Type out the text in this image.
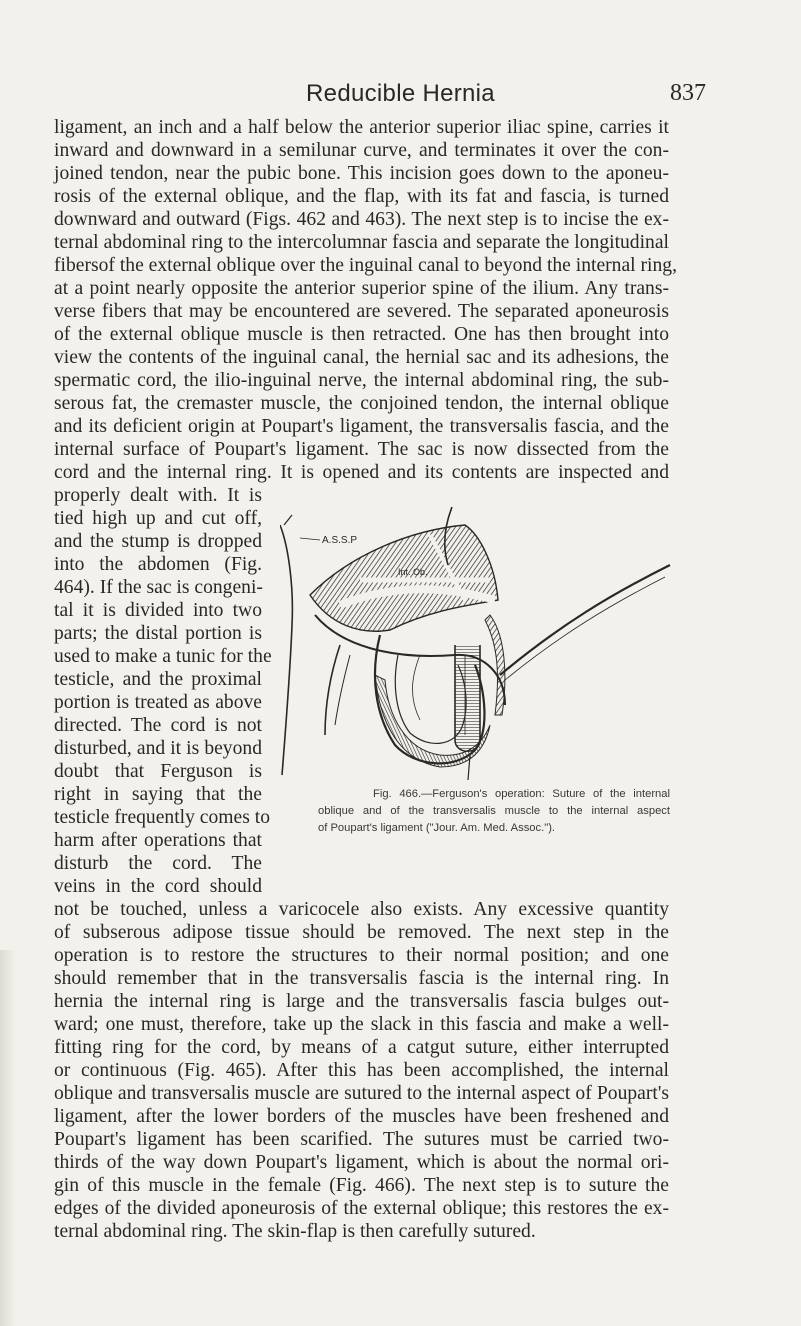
Reducible Hernia	837
ligament, an inch and a half below the anterior superior iliac spine, carries it
inward and downward in a semilunar curve, and terminates it over the con-
joined tendon, near the pubic bone. This incision goes down to the aponeu-
rosis of the external oblique, and the flap, with its fat and fascia, is turned
downward and outward (Figs. 462 and 463). The next step is to incise the ex-
ternal abdominal ring to the intercolumnar fascia and separate the longitudinal
fibersof the external oblique over the inguinal canal to beyond the internal ring,
at a point nearly opposite the anterior superior spine of the ilium. Any trans-
verse fibers that may be encountered are severed. The separated aponeurosis
of the external oblique muscle is then retracted. One has then brought into
view the contents of the inguinal canal, the hernial sac and its adhesions, the
spermatic cord, the ilio-inguinal nerve, the internal abdominal ring, the sub-
serous fat, the cremaster muscle, the conjoined tendon, the internal oblique
and its deficient origin at Poupart's ligament, the transversalis fascia, and the
internal surface of Poupart's ligament. The sac is now dissected from the
cord and the internal ring. It is opened and its contents are inspected and
properly dealt with. It is
tied high up and cut off,
and the stump is dropped
into the abdomen (Fig.
464). If the sac is congeni-
tal it is divided into two
parts; the distal portion is
used to make a tunic for the
testicle, and the proximal
portion is treated as above
directed. The cord is not
disturbed, and it is beyond
doubt that Ferguson is
right in saying that the
testicle frequently comes to
harm after operations that
disturb the cord. The
veins in the cord should
not be touched, unless a varicocele also exists. Any excessive quantity
of subserous adipose tissue should be removed. The next step in the
operation is to restore the structures to their normal position; and one
should remember that in the transversalis fascia is the internal ring. In
hernia the internal ring is large and the transversalis fascia bulges out-
ward; one must, therefore, take up the slack in this fascia and make a well-
fitting ring for the cord, by means of a catgut suture, either interrupted
or continuous (Fig. 465). After this has been accomplished, the internal
oblique and transversalis muscle are sutured to the internal aspect of Poupart's
ligament, after the lower borders of the muscles have been freshened and
Poupart's ligament has been scarified. The sutures must be carried two-
thirds of the way down Poupart's ligament, which is about the normal ori-
gin of this muscle in the female (Fig. 466). The next step is to suture the
edges of the divided aponeurosis of the external oblique; this restores the ex-
ternal abdominal ring. The skin-flap is then carefully sutured.
A.S.S.P
Int. Ob.
Fig. 466.—Ferguson's operation: Suture of the internal
oblique and of the transversalis muscle to the internal aspect
of Poupart's ligament ("Jour. Am. Med. Assoc.").
